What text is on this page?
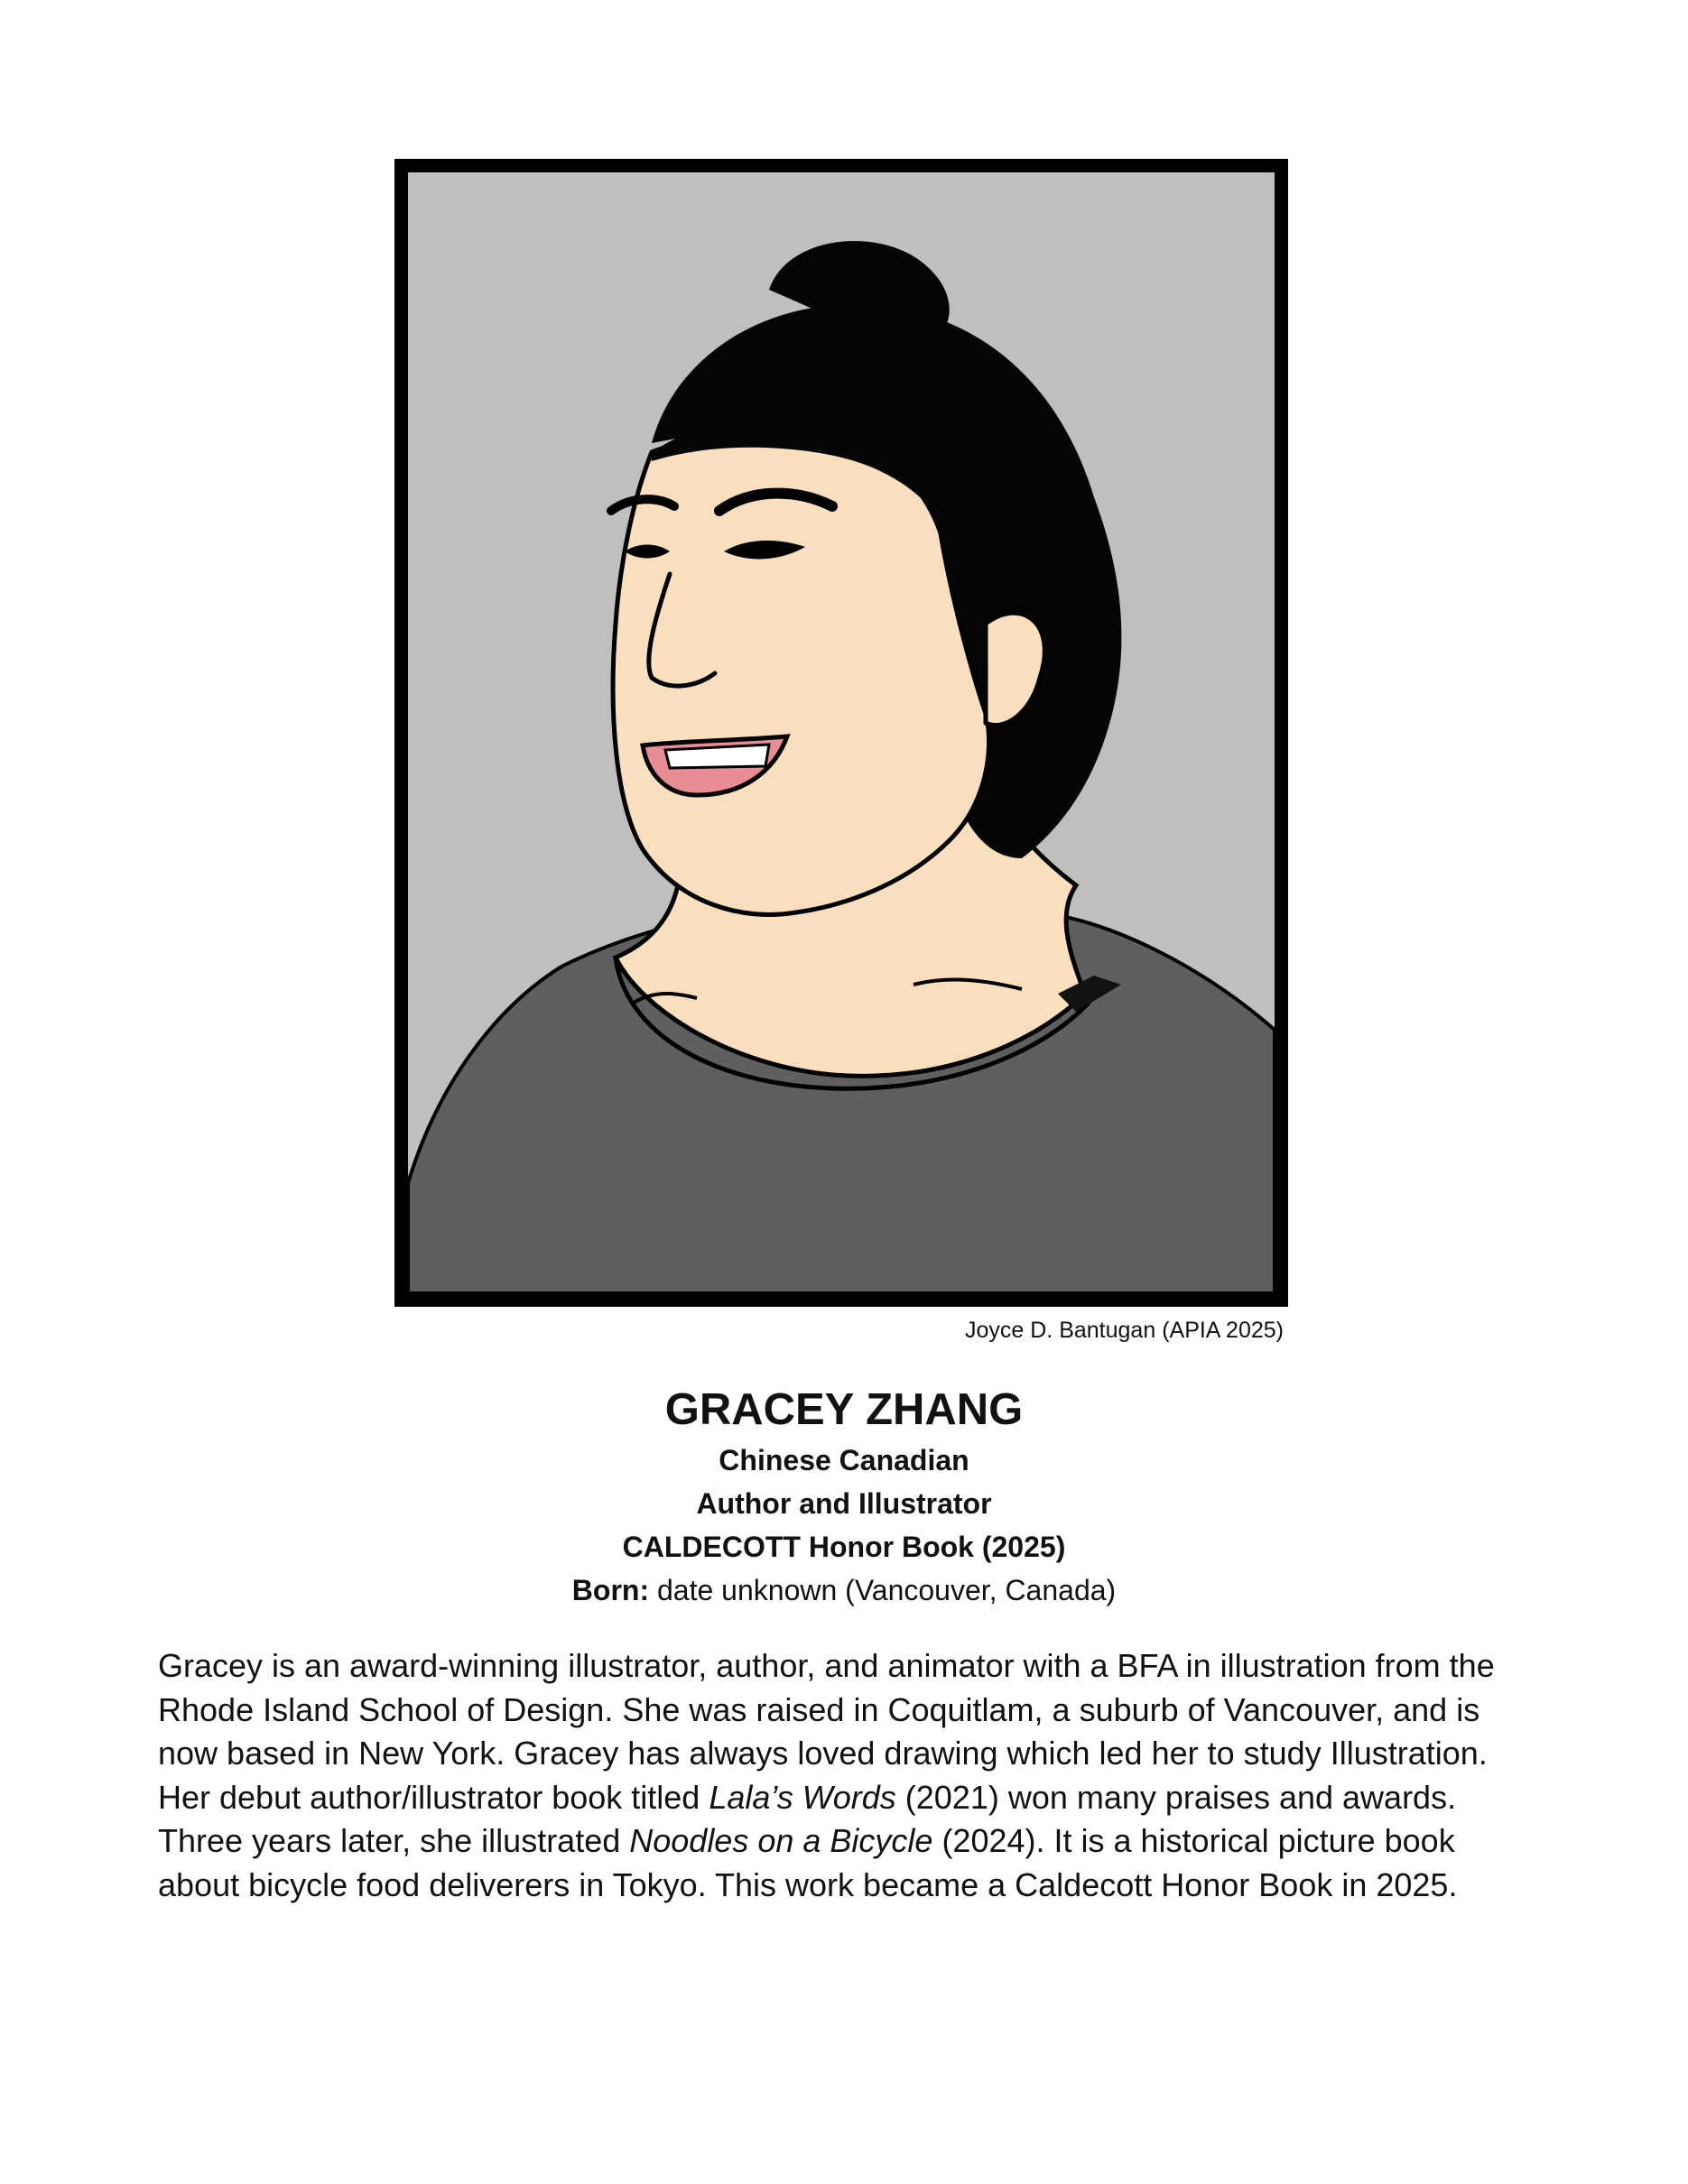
Joyce D. Bantugan (APIA 2025)

GRACEY ZHANG

Chinese Canadian

Author and Illustrator

CALDECOTT Honor Book (2025)

Born: date unknown (Vancouver, Canada)

Gracey is an award-winning illustrator, author, and animator with a BFA in illustration from the Rhode Island School of Design. She was raised in Coquitlam, a suburb of Vancouver, and is now based in New York. Gracey has always loved drawing which led her to study Illustration. Her debut author/illustrator book titled Lala’s Words (2021) won many praises and awards. Three years later, she illustrated Noodles on a Bicycle (2024). It is a historical picture book about bicycle food deliverers in Tokyo. This work became a Caldecott Honor Book in 2025.
